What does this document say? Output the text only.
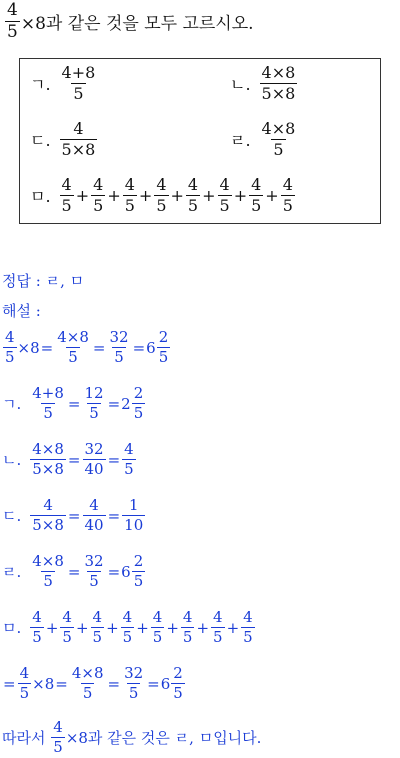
$\frac{4}{5} \times 8$과 같은 것을 모두 고르시오.
ㄱ. $\frac{4+8}{5}$	ㄴ. $\frac{4\times 8}{5\times 8}$
ㄷ. $\frac{4}{5\times 8}$	ㄹ. $\frac{4\times 8}{5}$
ㅁ. $\frac{4}{5} + \frac{4}{5} + \frac{4}{5} + \frac{4}{5} + \frac{4}{5} + \frac{4}{5} + \frac{4}{5} + \frac{4}{5}$
정답 :
ㄹ, ㅁ
해설 :
$\frac{4}{5} \times 8 = \frac{4\times 8}{5} = \frac{32}{5} = 6 \frac{2}{5}$
ㄱ. $\frac{4+8}{5} = \frac{12}{5} = 2 \frac{2}{5}$
ㄴ. $\frac{4\times 8}{5\times 8} = \frac{32}{40} = \frac{4}{5}$
ㄷ. $\frac{4}{5\times 8} = \frac{4}{40} = \frac{1}{10}$
ㄹ. $\frac{4\times 8}{5} = \frac{32}{5} = 6 \frac{2}{5}$
ㅁ. $\frac{4}{5} + \frac{4}{5} + \frac{4}{5} + \frac{4}{5} + \frac{4}{5} + \frac{4}{5} + \frac{4}{5} + \frac{4}{5}$
= $\frac{4}{5} \times 8 = \frac{4\times 8}{5} = \frac{32}{5} = 6 \frac{2}{5}$
따라서
$\frac{4}{5} \times 8$과 같은 것은 ㄹ, ㅁ입니다.
